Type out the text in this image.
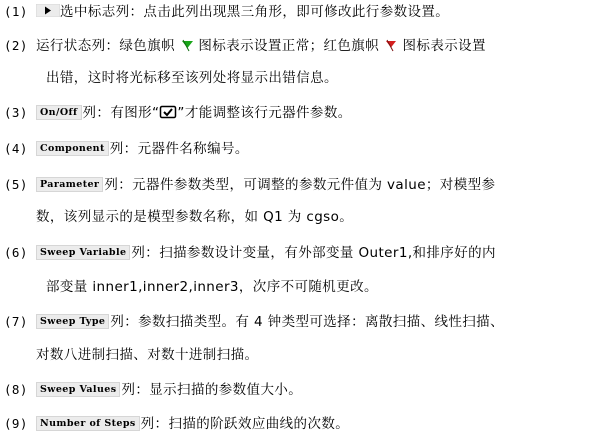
(1)	选中标志列：点击此列出现黑三角形，即可修改此行参数设置。
(2) 运行状态列：绿色旗帜 图标表示设置正常；红色旗帜 图标表示设置
出错，这时将光标移至该列处将显示出错信息。
(3)	On/Off 列：有图形“ ”才能调整该行元器件参数。
(4)	Component 列：元器件名称编号。
(5)	Parameter 列：元器件参数类型，可调整的参数元件值为 value；对模型参
数，该列显示的是模型参数名称，如 Q1 为 cgso。
(6)	Sweep Variable 列：扫描参数设计变量，有外部变量 Outer1,和排序好的内
部变量 inner1,inner2,inner3，次序不可随机更改。
(7)	Sweep Type 列：参数扫描类型。有 4 钟类型可选择：离散扫描、线性扫描、
对数八进制扫描、对数十进制扫描。
(8)	Sweep Values 列：显示扫描的参数值大小。
(9)	Number of Steps 列：扫描的阶跃效应曲线的次数。
